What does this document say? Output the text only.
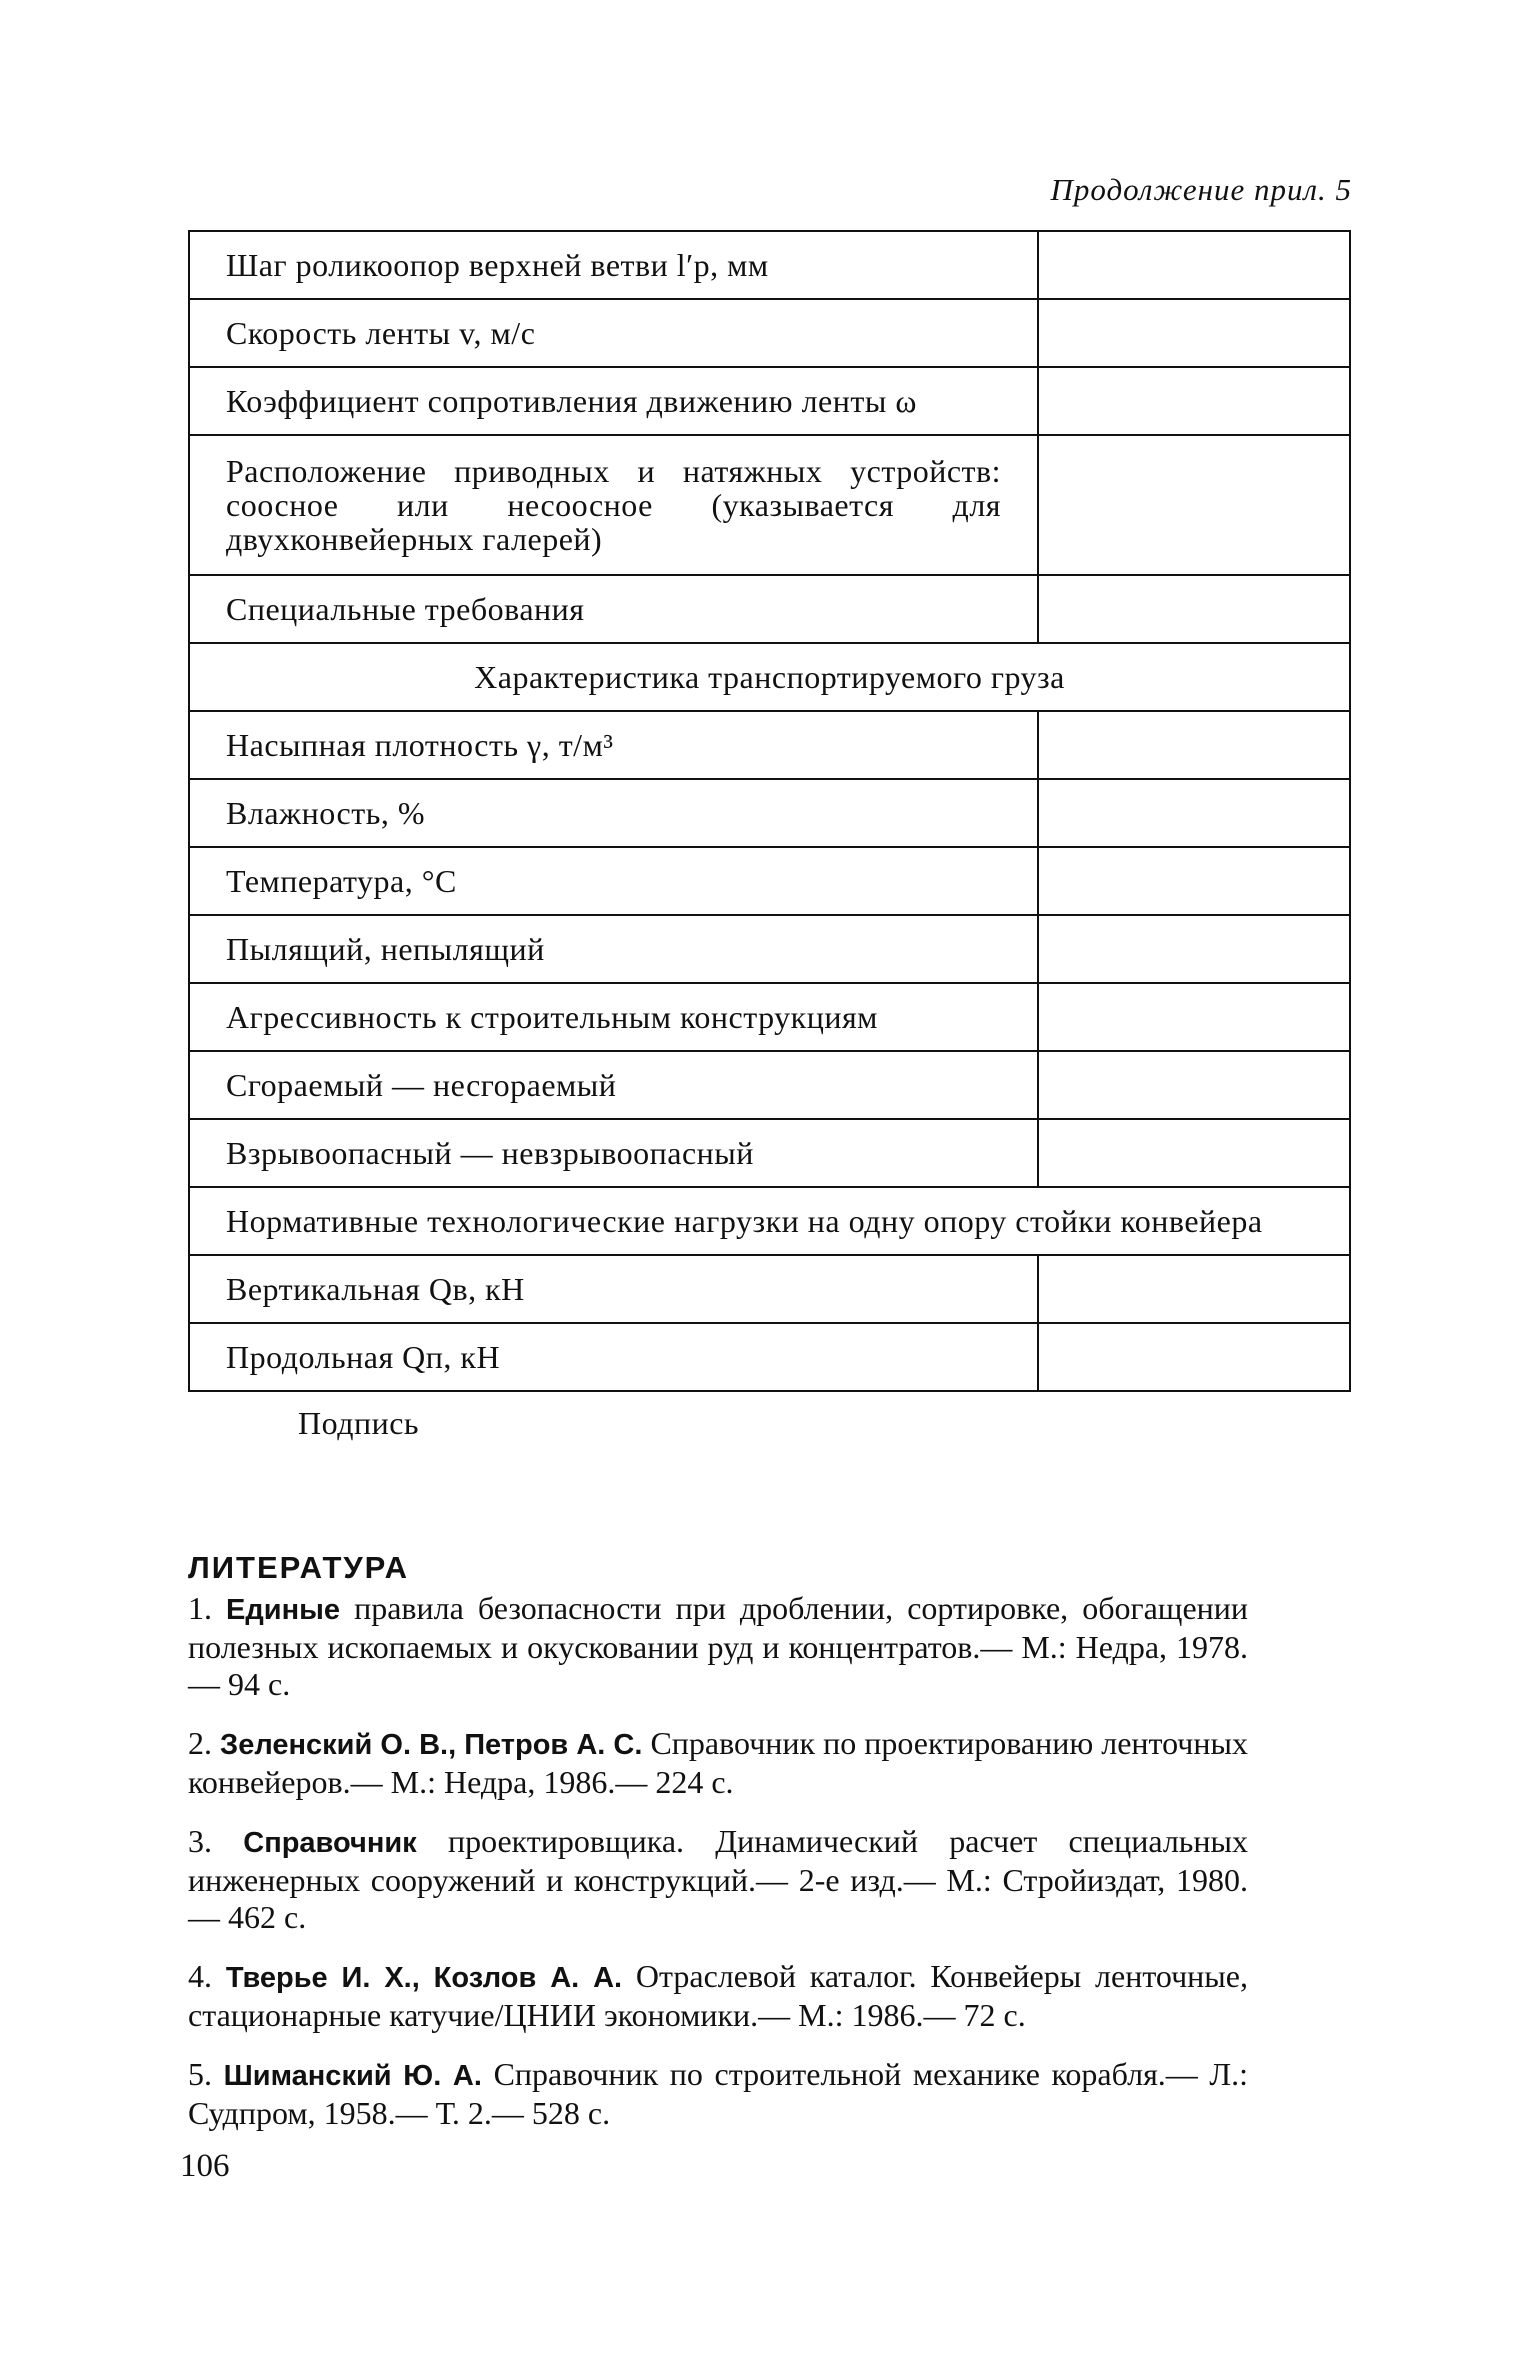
Продолжение прил. 5
Шаг роликоопор верхней ветви l′р, мм	
Скорость ленты v, м/с	
Коэффициент сопротивления движению ленты ω	
Расположение приводных и натяжных устройств: соосное или несоосное (указывается для двухконвейерных галерей)	
Специальные требования	
Характеристика транспортируемого груза	
Насыпная плотность γ, т/м³	
Влажность, %	
Температура, °С	
Пылящий, непылящий	
Агрессивность к строительным конструкциям	
Сгораемый — несгораемый	
Взрывоопасный — невзрывоопасный	
Нормативные технологические нагрузки на одну опору стойки конвейера	
Вертикальная Qв, кН	
Продольная Qп, кН	
Подпись
ЛИТЕРАТУРА

1. Единые правила безопасности при дроблении, сортировке, обогащении полезных ископаемых и окусковании руд и концентратов.— М.: Недра, 1978.— 94 с.

2. Зеленский О. В., Петров А. С. Справочник по проектированию ленточных конвейеров.— М.: Недра, 1986.— 224 с.

3. Справочник проектировщика. Динамический расчет специальных инженерных сооружений и конструкций.— 2-е изд.— М.: Стройиздат, 1980.— 462 с.

4. Тверье И. Х., Козлов А. А. Отраслевой каталог. Конвейеры ленточные, стационарные катучие/ЦНИИ экономики.— М.: 1986.— 72 с.

5. Шиманский Ю. А. Справочник по строительной механике корабля.— Л.: Судпром, 1958.— Т. 2.— 528 с.

106
